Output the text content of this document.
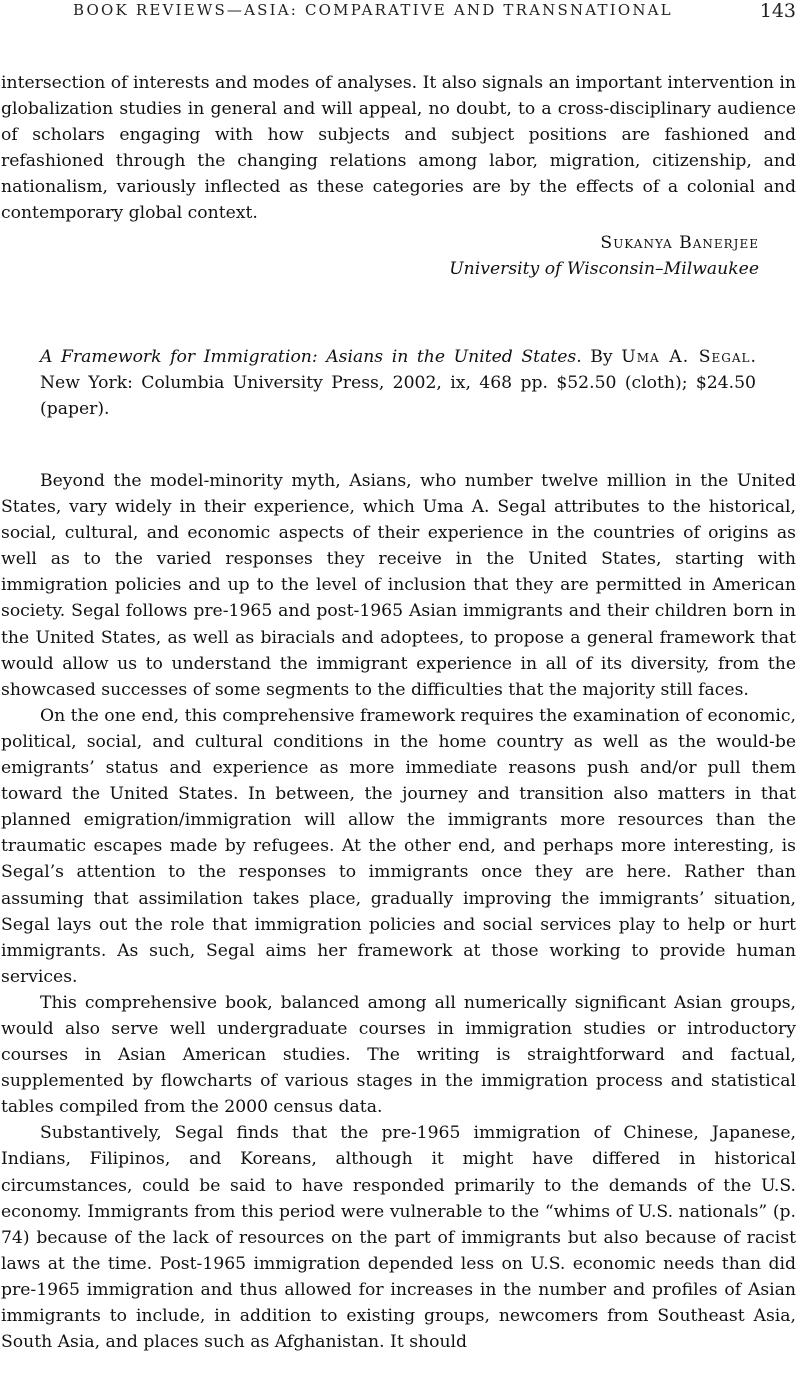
BOOK REVIEWS—ASIA: COMPARATIVE AND TRANSNATIONAL	143

intersection of interests and modes of analyses. It also signals an important intervention in globalization studies in general and will appeal, no doubt, to a cross-disciplinary audience of scholars engaging with how subjects and subject positions are fashioned and refashioned through the changing relations among labor, migration, citizenship, and nationalism, variously inflected as these categories are by the effects of a colonial and contemporary global context.

Sukanya Banerjee
University of Wisconsin–Milwaukee
A Framework for Immigration: Asians in the United States. By Uma A. Segal. New York: Columbia University Press, 2002, ix, 468 pp. $52.50 (cloth); $24.50 (paper).

Beyond the model-minority myth, Asians, who number twelve million in the United States, vary widely in their experience, which Uma A. Segal attributes to the historical, social, cultural, and economic aspects of their experience in the countries of origins as well as to the varied responses they receive in the United States, starting with immigration policies and up to the level of inclusion that they are permitted in American society. Segal follows pre-1965 and post-1965 Asian immigrants and their children born in the United States, as well as biracials and adoptees, to propose a general framework that would allow us to understand the immigrant experience in all of its diversity, from the showcased successes of some segments to the difficulties that the majority still faces.

On the one end, this comprehensive framework requires the examination of economic, political, social, and cultural conditions in the home country as well as the would-be emigrants’ status and experience as more immediate reasons push and/or pull them toward the United States. In between, the journey and transition also matters in that planned emigration/immigration will allow the immigrants more resources than the traumatic escapes made by refugees. At the other end, and perhaps more interesting, is Segal’s attention to the responses to immigrants once they are here. Rather than assuming that assimilation takes place, gradually improving the immigrants’ situation, Segal lays out the role that immigration policies and social services play to help or hurt immigrants. As such, Segal aims her framework at those working to provide human services.

This comprehensive book, balanced among all numerically significant Asian groups, would also serve well undergraduate courses in immigration studies or introductory courses in Asian American studies. The writing is straightforward and factual, supplemented by flowcharts of various stages in the immigration process and statistical tables compiled from the 2000 census data.

Substantively, Segal finds that the pre-1965 immigration of Chinese, Japanese, Indians, Filipinos, and Koreans, although it might have differed in historical circumstances, could be said to have responded primarily to the demands of the U.S. economy. Immigrants from this period were vulnerable to the “whims of U.S. nationals” (p. 74) because of the lack of resources on the part of immigrants but also because of racist laws at the time. Post-1965 immigration depended less on U.S. economic needs than did pre-1965 immigration and thus allowed for increases in the number and profiles of Asian immigrants to include, in addition to existing groups, newcomers from Southeast Asia, South Asia, and places such as Afghanistan. It should
